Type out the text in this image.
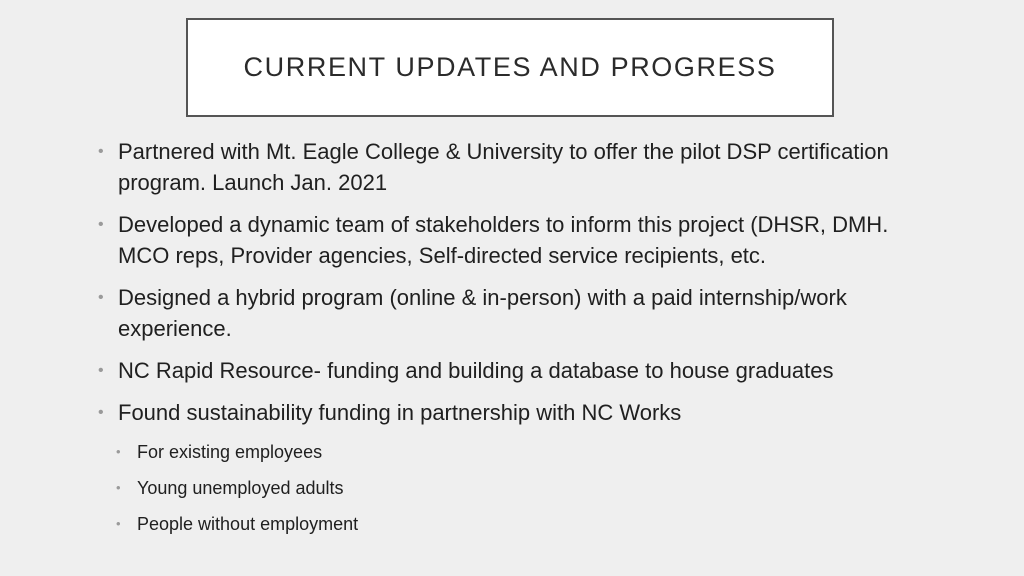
CURRENT UPDATES AND PROGRESS
• Partnered with Mt. Eagle College & University to offer the pilot DSP certification program. Launch Jan. 2021
• Developed a dynamic team of stakeholders to inform this project (DHSR, DMH. MCO reps, Provider agencies, Self-directed service recipients, etc.
• Designed a hybrid program (online & in-person) with a paid internship/work experience.
• NC Rapid Resource- funding and building a database to house graduates
• Found sustainability funding in partnership with NC Works
• For existing employees
• Young unemployed adults
• People without employment
